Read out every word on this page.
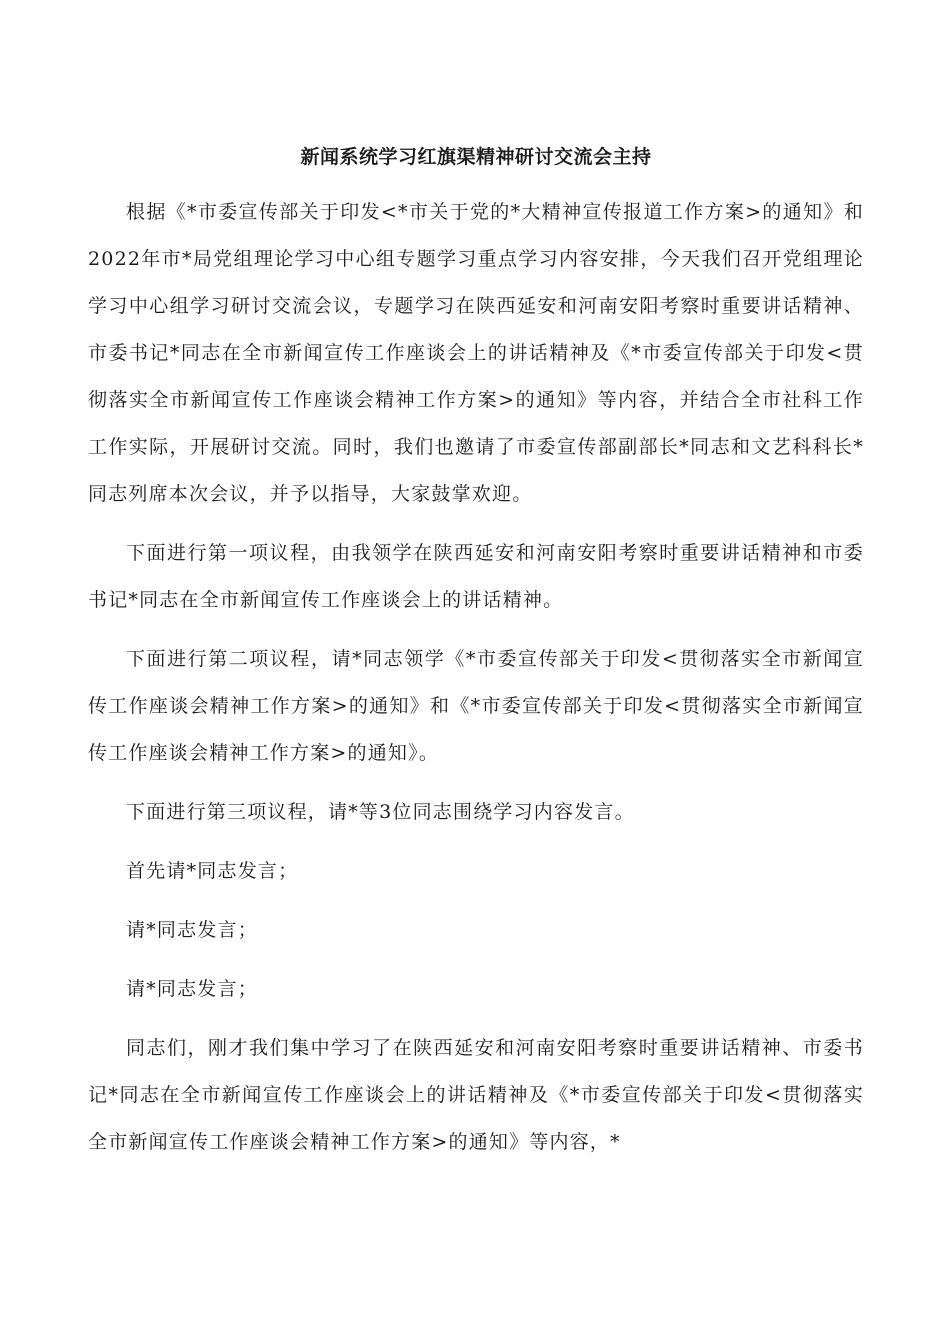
新闻系统学习红旗渠精神研讨交流会主持

根据《*市委宣传部关于印发<*市关于党的*大精神宣传报道工作方案>的通知》和2022年市*局党组理论学习中心组专题学习重点学习内容安排，今天我们召开党组理论学习中心组学习研讨交流会议，专题学习在陕西延安和河南安阳考察时重要讲话精神、市委书记*同志在全市新闻宣传工作座谈会上的讲话精神及《*市委宣传部关于印发<贯彻落实全市新闻宣传工作座谈会精神工作方案>的通知》等内容，并结合全市社科工作工作实际，开展研讨交流。同时，我们也邀请了市委宣传部副部长*同志和文艺科科长*同志列席本次会议，并予以指导，大家鼓掌欢迎。

下面进行第一项议程，由我领学在陕西延安和河南安阳考察时重要讲话精神和市委书记*同志在全市新闻宣传工作座谈会上的讲话精神。

下面进行第二项议程，请*同志领学《*市委宣传部关于印发<贯彻落实全市新闻宣传工作座谈会精神工作方案>的通知》和《*市委宣传部关于印发<贯彻落实全市新闻宣传工作座谈会精神工作方案>的通知》。

下面进行第三项议程，请*等3位同志围绕学习内容发言。

首先请*同志发言；

请*同志发言；

请*同志发言；

同志们，刚才我们集中学习了在陕西延安和河南安阳考察时重要讲话精神、市委书记*同志在全市新闻宣传工作座谈会上的讲话精神及《*市委宣传部关于印发<贯彻落实全市新闻宣传工作座谈会精神工作方案>的通知》等内容，*
